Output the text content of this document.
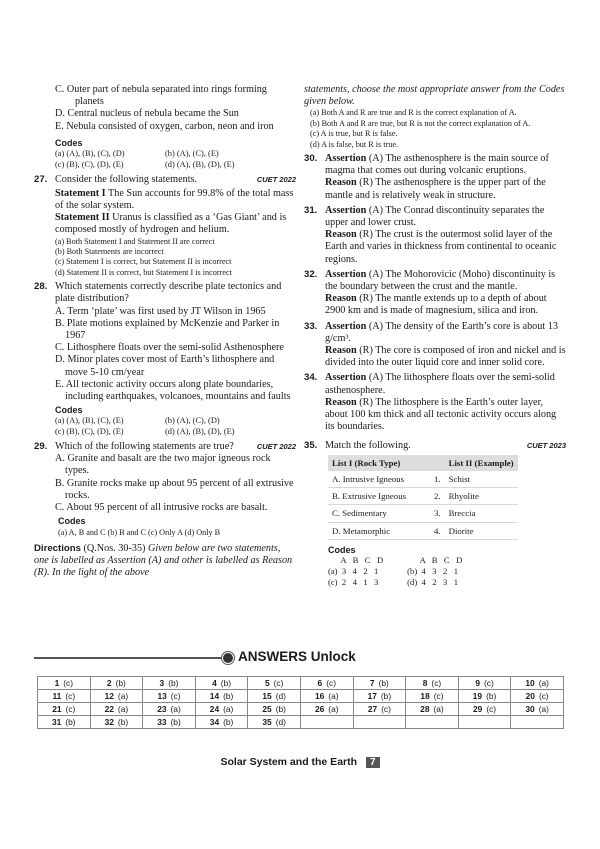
C. Outer part of nebula separated into rings forming
planets
D. Central nucleus of nebula became the Sun
E. Nebula consisted of oxygen, carbon, neon and iron
Codes
(a) (A), (B), (C), (D)	(b) (A), (C), (E)
(c) (B), (C), (D), (E)	(d) (A), (B), (D), (E)
27.	CUET 2022
Consider the following statements.
Statement I The Sun accounts for 99.8% of the total mass of the solar system.
Statement II Uranus is classified as a ‘Gas Giant’ and is composed mostly of hydrogen and helium.
(a) Both Statement I and Statement II are correct
(b) Both Statements are incorrect
(c) Statement I is correct, but Statement II is incorrect
(d) Statement II is correct, but Statement I is incorrect
28. Which statements correctly describe plate tectonics and plate distribution?
A. Term ‘plate’ was first used by JT Wilson in 1965
B. Plate motions explained by McKenzie and Parker in 1967
C. Lithosphere floats over the semi-solid Asthenosphere
D. Minor plates cover most of Earth’s lithosphere and move 5-10 cm/year
E. All tectonic activity occurs along plate boundaries, including earthquakes, volcanoes, mountains and faults
Codes
(a) (A), (B), (C), (E)	(b) (A), (C), (D)
(c) (B), (C), (D), (E)	(d) (A), (B), (D), (E)
29.	CUET 2022
Which of the following statements are true?
A. Granite and basalt are the two major igneous rock types.
B. Granite rocks make up about 95 percent of all extrusive rocks.
C. About 95 percent of all intrusive rocks are basalt.
Codes
(a) A, B and C (b) B and C (c) Only A (d) Only B
Directions (Q.Nos. 30-35) Given below are two statements, one is labelled as Assertion (A) and other is labelled as Reason (R). In the light of the above
statements, choose the most appropriate answer from the Codes given below.
(a) Both A and R are true and R is the correct explanation of A.
(b) Both A and R are true, but R is not the correct explanation of A.
(c) A is true, but R is false.
(d) A is false, but R is true.
30. Assertion (A) The asthenosphere is the main source of magma that comes out during volcanic eruptions.
Reason (R) The asthenosphere is the upper part of the mantle and is relatively weak in structure.
31. Assertion (A) The Conrad discontinuity separates the upper and lower crust.
Reason (R) The crust is the outermost solid layer of the Earth and varies in thickness from continental to oceanic regions.
32. Assertion (A) The Mohorovicic (Moho) discontinuity is the boundary between the crust and the mantle.
Reason (R) The mantle extends up to a depth of about 2900 km and is made of magnesium, silica and iron.
33. Assertion (A) The density of the Earth’s core is about 13 g/cm³.
Reason (R) The core is composed of iron and nickel and is divided into the outer liquid core and inner solid core.
34. Assertion (A) The lithosphere floats over the semi-solid asthenosphere.
Reason (R) The lithosphere is the Earth’s outer layer, about 100 km thick and all tectonic activity occurs along its boundaries.
35.	CUET 2023
Match the following.
List I (Rock Type)		List II (Example)
A. Intrusive Igneous	1.	Schist
B. Extrusive Igneous	2.	Rhyolite
C. Sedimentary	3.	Breccia
D. Metamorphic	4.	Diorite
Codes
A   B   C   D
(a)  3   4   2   1
(c)  2   4   1   3
A   B   C   D
(b)  4   3   2   1
(d)  4   2   3   1
ANSWERS Unlock
1 (c)	2 (b)	3 (b)	4 (b)	5 (c)	6 (c)	7 (b)	8 (c)	9 (c)	10 (a)
11 (c)	12 (a)	13 (c)	14 (b)	15 (d)	16 (a)	17 (b)	18 (c)	19 (b)	20 (c)
21 (c)	22 (a)	23 (a)	24 (a)	25 (b)	26 (a)	27 (c)	28 (a)	29 (c)	30 (a)
31 (b)	32 (b)	33 (b)	34 (b)	35 (d)					
Solar System and the Earth 7
